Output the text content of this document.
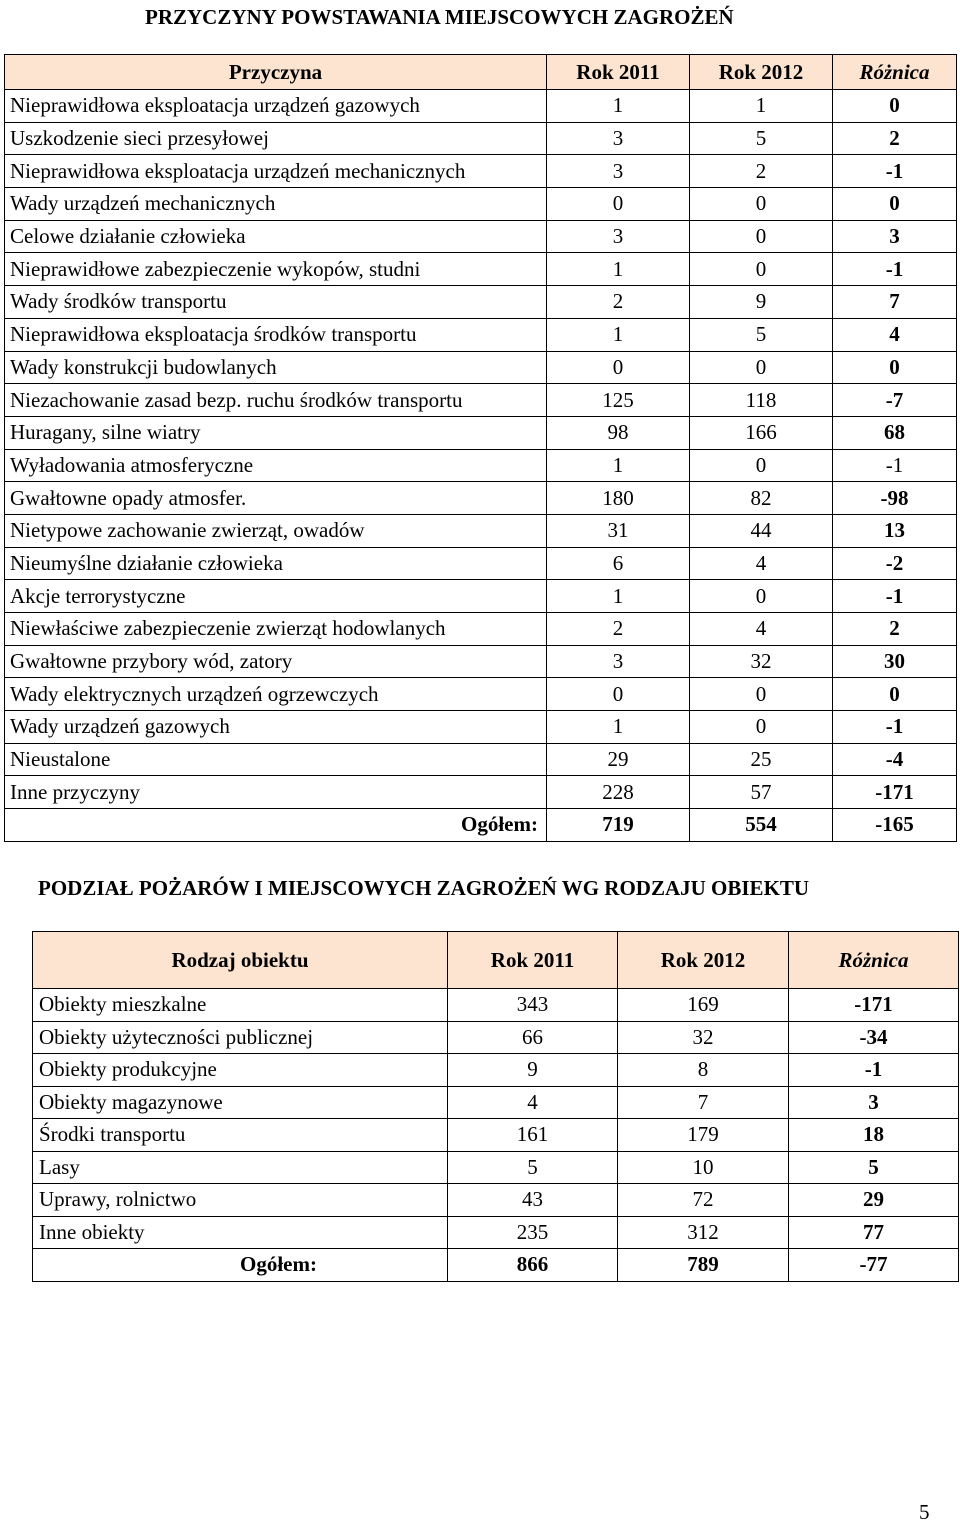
PRZYCZYNY POWSTAWANIA MIEJSCOWYCH ZAGROŻEŃ
Przyczyna	Rok 2011	Rok 2012	Różnica
Nieprawidłowa eksploatacja urządzeń gazowych	1	1	0
Uszkodzenie sieci przesyłowej	3	5	2
Nieprawidłowa eksploatacja urządzeń mechanicznych	3	2	-1
Wady urządzeń mechanicznych	0	0	0
Celowe działanie człowieka	3	0	3
Nieprawidłowe zabezpieczenie wykopów, studni	1	0	-1
Wady środków transportu	2	9	7
Nieprawidłowa eksploatacja środków transportu	1	5	4
Wady konstrukcji budowlanych	0	0	0
Niezachowanie zasad bezp. ruchu środków transportu	125	118	-7
Huragany, silne wiatry	98	166	68
Wyładowania atmosferyczne	1	0	-1
Gwałtowne opady atmosfer.	180	82	-98
Nietypowe zachowanie zwierząt, owadów	31	44	13
Nieumyślne działanie człowieka	6	4	-2
Akcje terrorystyczne	1	0	-1
Niewłaściwe zabezpieczenie zwierząt hodowlanych	2	4	2
Gwałtowne przybory wód, zatory	3	32	30
Wady elektrycznych urządzeń ogrzewczych	0	0	0
Wady urządzeń gazowych	1	0	-1
Nieustalone	29	25	-4
Inne przyczyny	228	57	-171
Ogółem:	719	554	-165
PODZIAŁ POŻARÓW I MIEJSCOWYCH ZAGROŻEŃ WG RODZAJU OBIEKTU
Rodzaj obiektu	Rok 2011	Rok 2012	Różnica
Obiekty mieszkalne	343	169	-171
Obiekty użyteczności publicznej	66	32	-34
Obiekty produkcyjne	9	8	-1
Obiekty magazynowe	4	7	3
Środki transportu	161	179	18
Lasy	5	10	5
Uprawy, rolnictwo	43	72	29
Inne obiekty	235	312	77
Ogółem:	866	789	-77
5
